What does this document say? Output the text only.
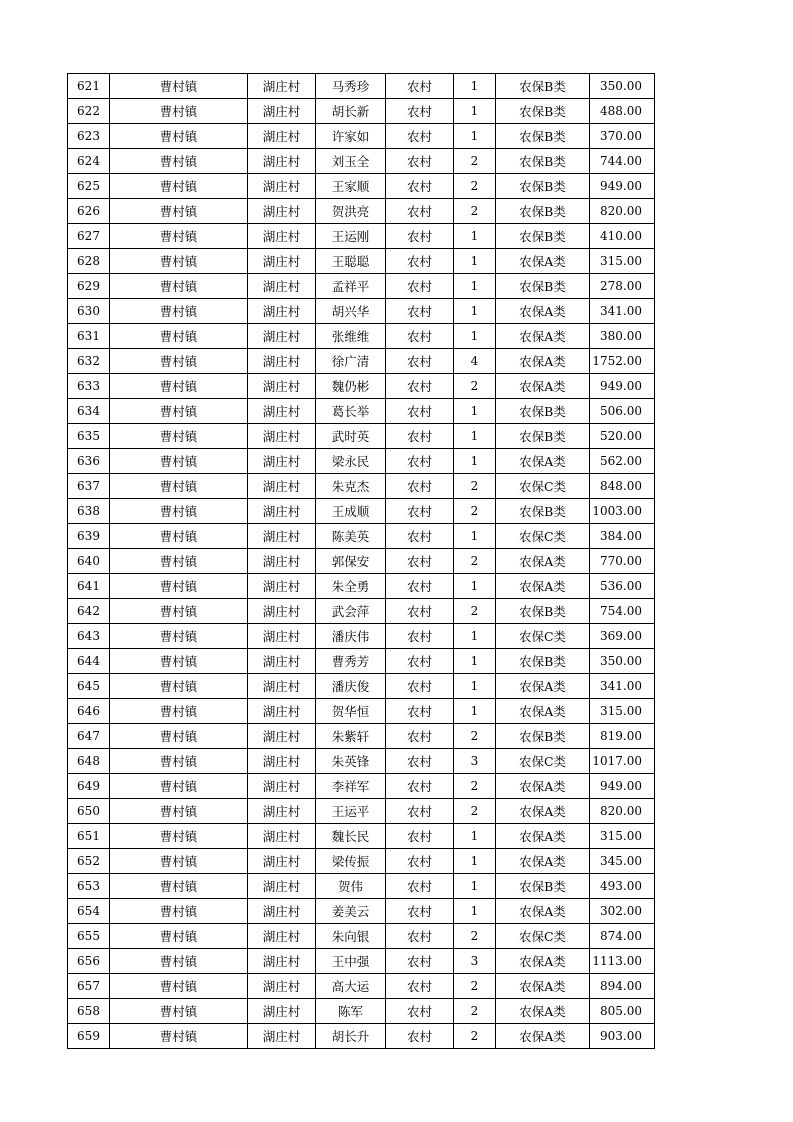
621	曹村镇	湖庄村	马秀珍	农村	1	农保B类	350.00
622	曹村镇	湖庄村	胡长新	农村	1	农保B类	488.00
623	曹村镇	湖庄村	许家如	农村	1	农保B类	370.00
624	曹村镇	湖庄村	刘玉全	农村	2	农保B类	744.00
625	曹村镇	湖庄村	王家顺	农村	2	农保B类	949.00
626	曹村镇	湖庄村	贺洪亮	农村	2	农保B类	820.00
627	曹村镇	湖庄村	王运刚	农村	1	农保B类	410.00
628	曹村镇	湖庄村	王聪聪	农村	1	农保A类	315.00
629	曹村镇	湖庄村	孟祥平	农村	1	农保B类	278.00
630	曹村镇	湖庄村	胡兴华	农村	1	农保A类	341.00
631	曹村镇	湖庄村	张维维	农村	1	农保A类	380.00
632	曹村镇	湖庄村	徐广清	农村	4	农保A类	1752.00
633	曹村镇	湖庄村	魏仍彬	农村	2	农保A类	949.00
634	曹村镇	湖庄村	葛长举	农村	1	农保B类	506.00
635	曹村镇	湖庄村	武时英	农村	1	农保B类	520.00
636	曹村镇	湖庄村	梁永民	农村	1	农保A类	562.00
637	曹村镇	湖庄村	朱克杰	农村	2	农保C类	848.00
638	曹村镇	湖庄村	王成顺	农村	2	农保B类	1003.00
639	曹村镇	湖庄村	陈美英	农村	1	农保C类	384.00
640	曹村镇	湖庄村	郭保安	农村	2	农保A类	770.00
641	曹村镇	湖庄村	朱全勇	农村	1	农保A类	536.00
642	曹村镇	湖庄村	武会萍	农村	2	农保B类	754.00
643	曹村镇	湖庄村	潘庆伟	农村	1	农保C类	369.00
644	曹村镇	湖庄村	曹秀芳	农村	1	农保B类	350.00
645	曹村镇	湖庄村	潘庆俊	农村	1	农保A类	341.00
646	曹村镇	湖庄村	贺华恒	农村	1	农保A类	315.00
647	曹村镇	湖庄村	朱紫轩	农村	2	农保B类	819.00
648	曹村镇	湖庄村	朱英锋	农村	3	农保C类	1017.00
649	曹村镇	湖庄村	李祥军	农村	2	农保A类	949.00
650	曹村镇	湖庄村	王运平	农村	2	农保A类	820.00
651	曹村镇	湖庄村	魏长民	农村	1	农保A类	315.00
652	曹村镇	湖庄村	梁传振	农村	1	农保A类	345.00
653	曹村镇	湖庄村	贺伟	农村	1	农保B类	493.00
654	曹村镇	湖庄村	姜美云	农村	1	农保A类	302.00
655	曹村镇	湖庄村	朱向银	农村	2	农保C类	874.00
656	曹村镇	湖庄村	王中强	农村	3	农保A类	1113.00
657	曹村镇	湖庄村	高大运	农村	2	农保A类	894.00
658	曹村镇	湖庄村	陈军	农村	2	农保A类	805.00
659	曹村镇	湖庄村	胡长升	农村	2	农保A类	903.00
